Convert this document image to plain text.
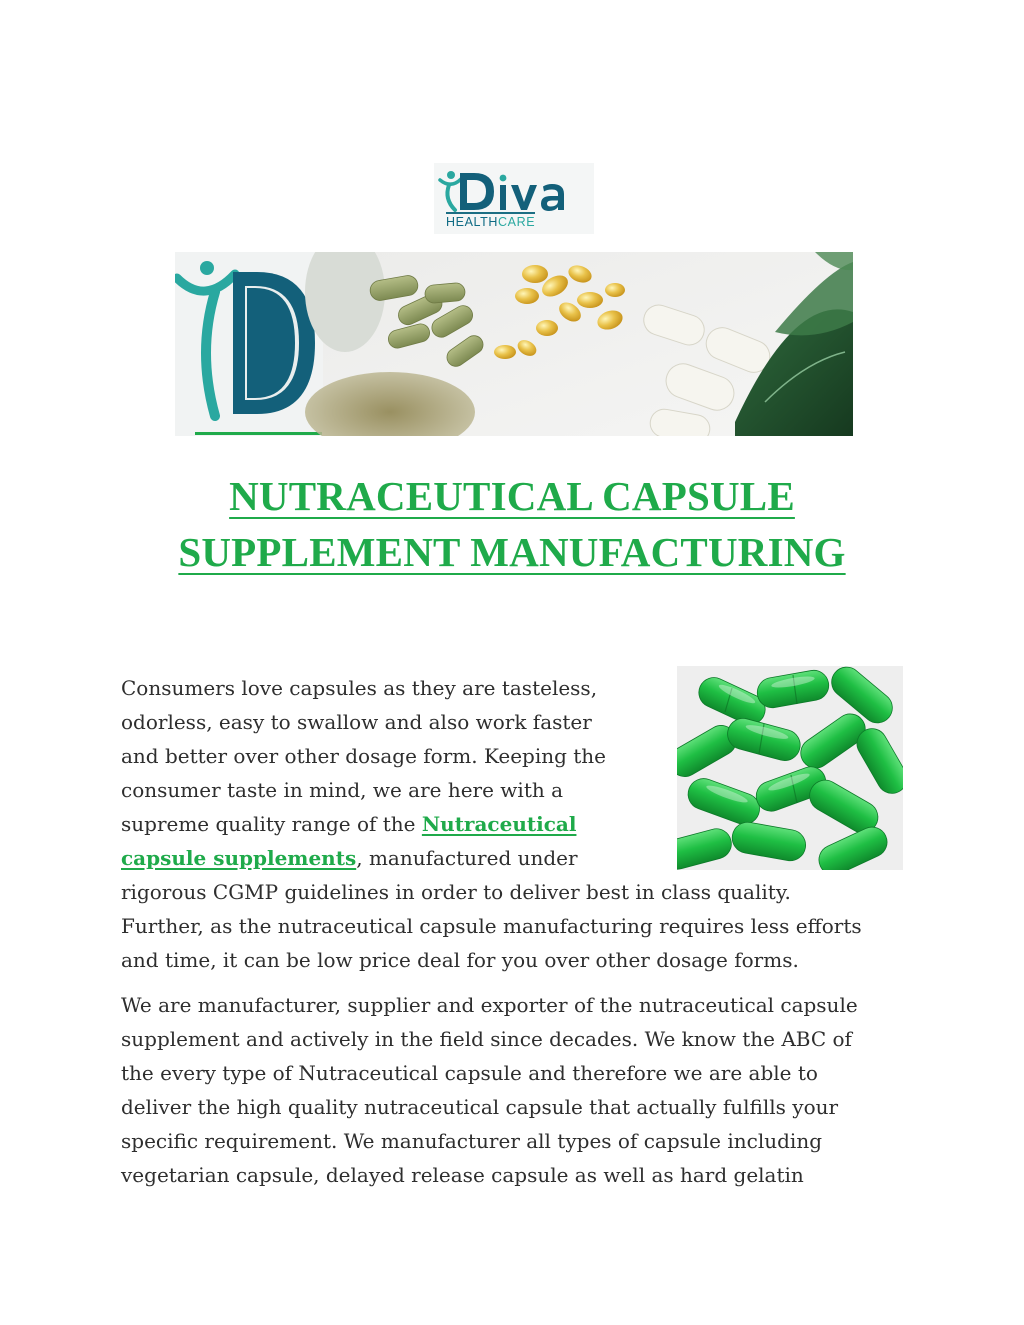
HEALTHCARE
NUTRACEUTICAL CAPSULE
SUPPLEMENT MANUFACTURING

Consumers love capsules as they are tasteless,
odorless, easy to swallow and also work faster
and better over other dosage form. Keeping the
consumer taste in mind, we are here with a
supreme quality range of the Nutraceutical
capsule supplements, manufactured under
rigorous CGMP guidelines in order to deliver best in class quality.
Further, as the nutraceutical capsule manufacturing requires less efforts
and time, it can be low price deal for you over other dosage forms.

We are manufacturer, supplier and exporter of the nutraceutical capsule
supplement and actively in the field since decades. We know the ABC of
the every type of Nutraceutical capsule and therefore we are able to
deliver the high quality nutraceutical capsule that actually fulfills your
specific requirement. We manufacturer all types of capsule including
vegetarian capsule, delayed release capsule as well as hard gelatin
